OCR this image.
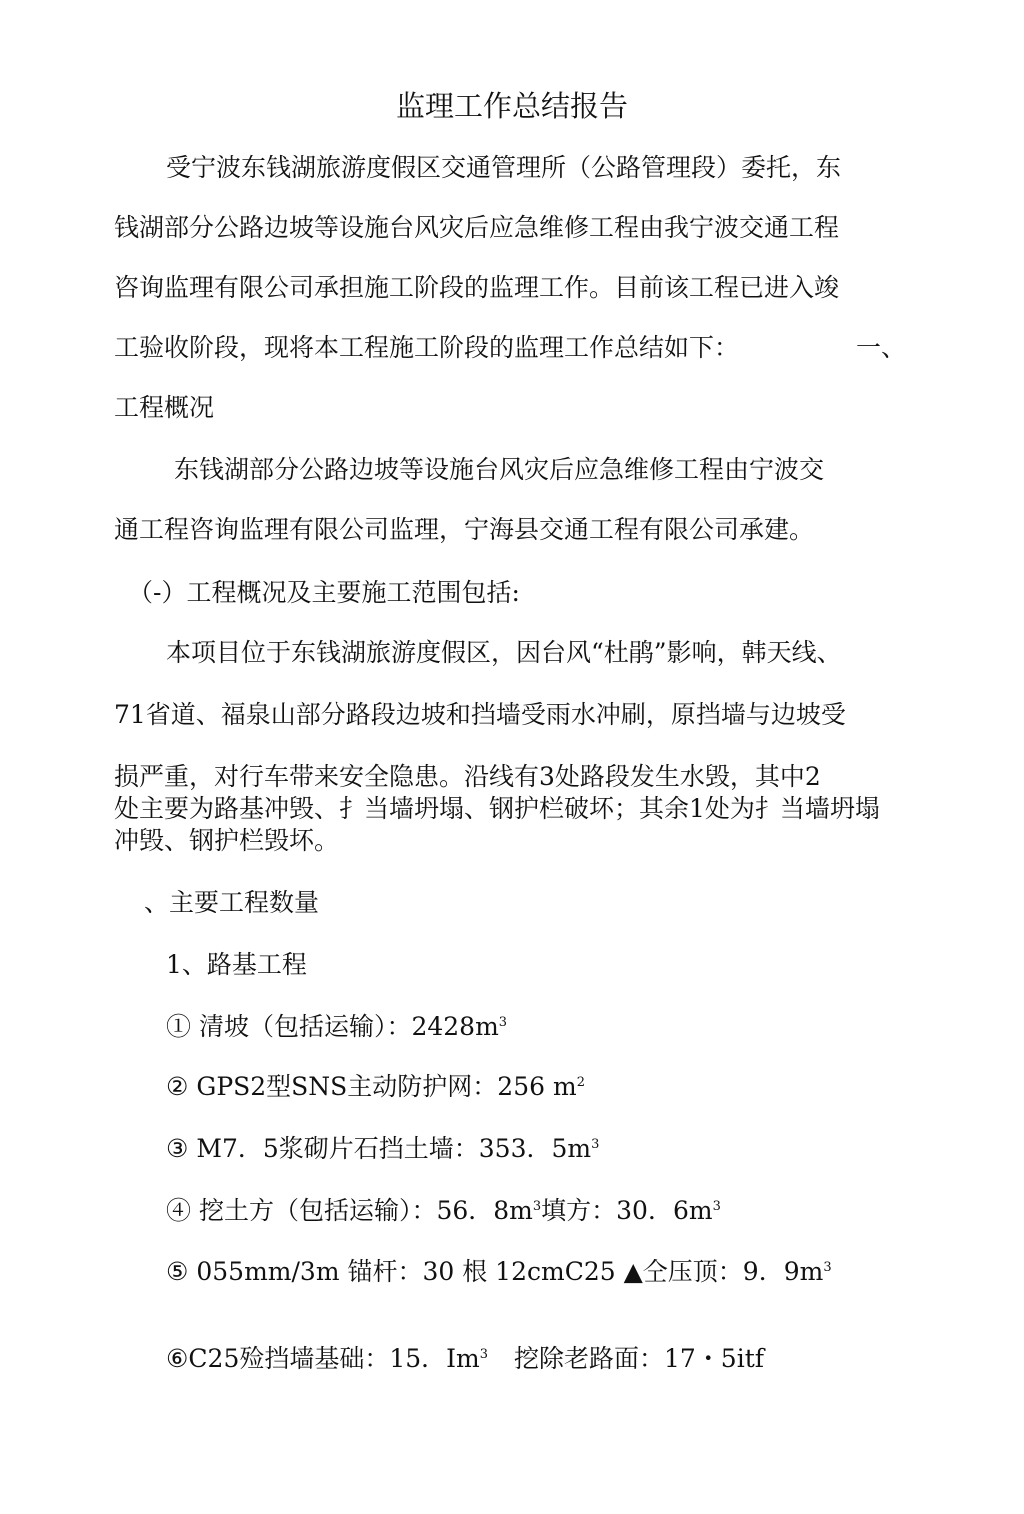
监理工作总结报告
受宁波东钱湖旅游度假区交通管理所（公路管理段）委托，东
钱湖部分公路边坡等设施台风灾后应急维修工程由我宁波交通工程
咨询监理有限公司承担施工阶段的监理工作。目前该工程已进入竣
工验收阶段，现将本工程施工阶段的监理工作总结如下：	一、
工程概况
东钱湖部分公路边坡等设施台风灾后应急维修工程由宁波交
通工程咨询监理有限公司监理，宁海县交通工程有限公司承建。
（-）工程概况及主要施工范围包括:
本项目位于东钱湖旅游度假区，因台风“杜鹃”影响，韩天线、
71省道、福泉山部分路段边坡和挡墙受雨水冲刷，原挡墙与边坡受
损严重，对行车带来安全隐患。沿线有3处路段发生水毁，其中2
处主要为路基冲毁、扌当墙坍塌、钢护栏破坏；其余1处为扌当墙坍塌
冲毁、钢护栏毁坏。
、主要工程数量
1、路基工程
① 清坡（包括运输）：$2428m^3$
② GPS2型SNS主动防护网：256 $m^2$
③ M7．5浆砌片石挡土墙：353．$5m^3$
④ 挖土方（包括运输）：56．$8m^3$填方：30．$6m^3$
⑤ 055mm/3m 锚杆：30 根 12cmC25 ▲仝压顶：9．$9m^3$
⑥C25殓挡墙基础：15．Im$^3$ 挖除老路面：17・5itf
